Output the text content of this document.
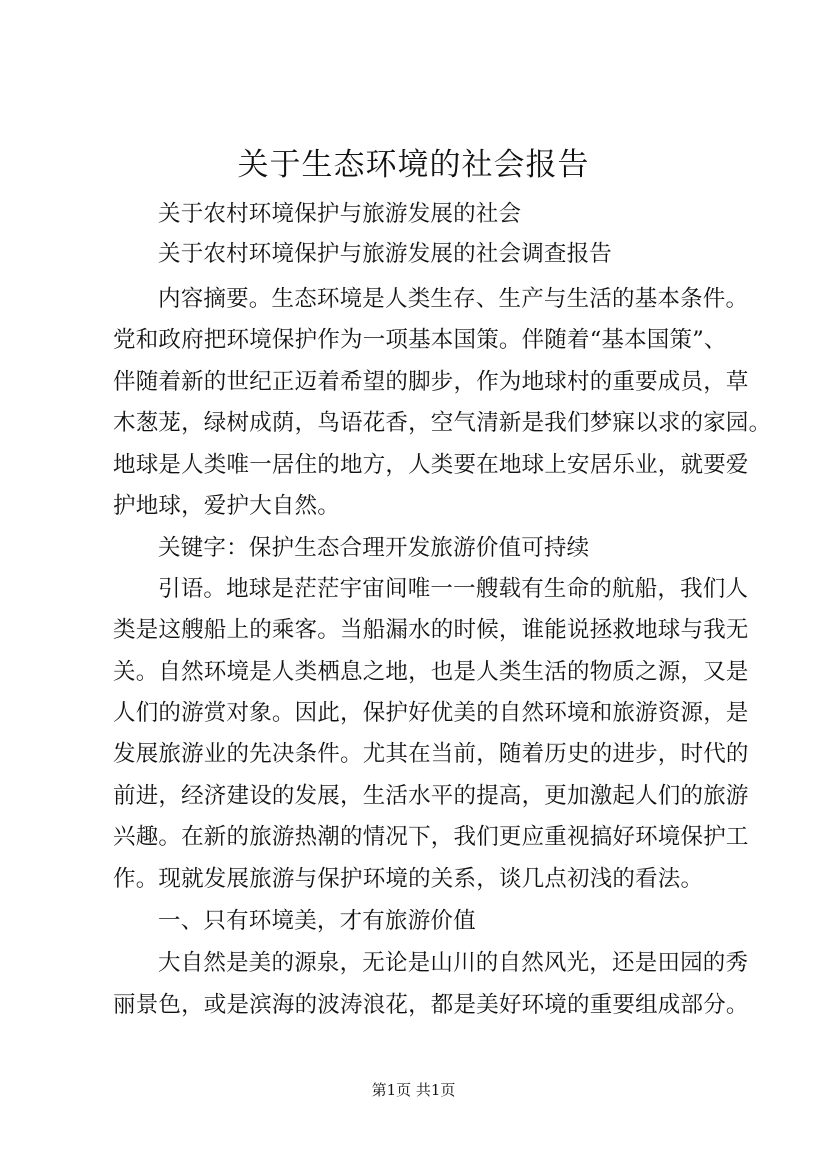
关于生态环境的社会报告
关于农村环境保护与旅游发展的社会
关于农村环境保护与旅游发展的社会调查报告
内容摘要。生态环境是人类生存、生产与生活的基本条件。
党和政府把环境保护作为一项基本国策。伴随着“基本国策”、
伴随着新的世纪正迈着希望的脚步，作为地球村的重要成员，草
木葱茏，绿树成荫，鸟语花香，空气清新是我们梦寐以求的家园。
地球是人类唯一居住的地方，人类要在地球上安居乐业，就要爱
护地球，爱护大自然。
关键字：保护生态合理开发旅游价值可持续
引语。地球是茫茫宇宙间唯一一艘载有生命的航船，我们人
类是这艘船上的乘客。当船漏水的时候，谁能说拯救地球与我无
关。自然环境是人类栖息之地，也是人类生活的物质之源，又是
人们的游赏对象。因此，保护好优美的自然环境和旅游资源，是
发展旅游业的先决条件。尤其在当前，随着历史的进步，时代的
前进，经济建设的发展，生活水平的提高，更加激起人们的旅游
兴趣。在新的旅游热潮的情况下，我们更应重视搞好环境保护工
作。现就发展旅游与保护环境的关系，谈几点初浅的看法。
一、只有环境美，才有旅游价值
大自然是美的源泉，无论是山川的自然风光，还是田园的秀
丽景色，或是滨海的波涛浪花，都是美好环境的重要组成部分。
第1页 共1页
